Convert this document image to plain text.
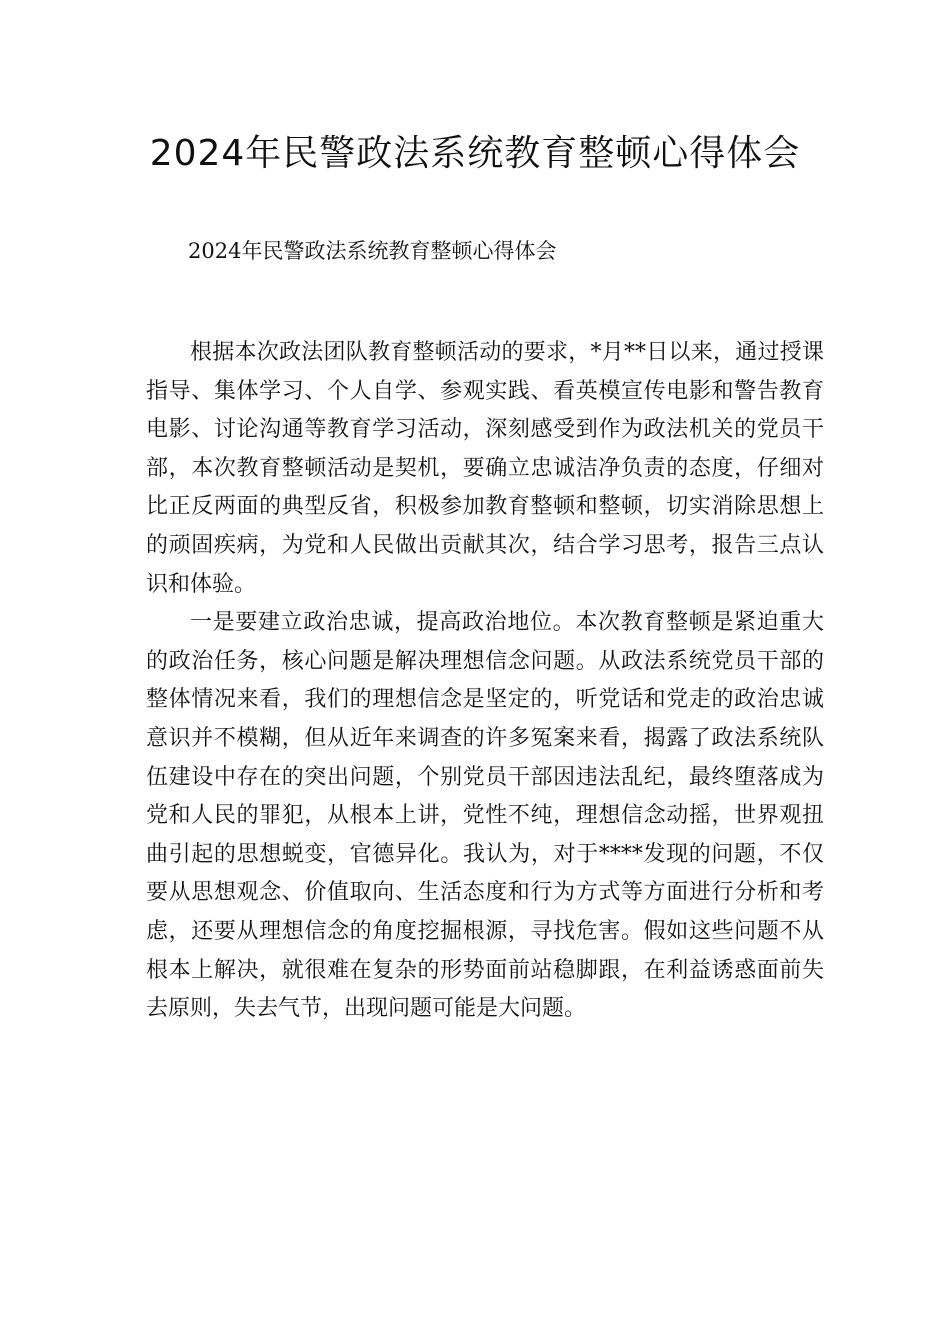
2024年民警政法系统教育整顿心得体会
2024年民警政法系统教育整顿心得体会

根据本次政法团队教育整顿活动的要求，*月**日以来，通过授课指导、集体学习、个人自学、参观实践、看英模宣传电影和警告教育电影、讨论沟通等教育学习活动，深刻感受到作为政法机关的党员干部，本次教育整顿活动是契机，要确立忠诚洁净负责的态度，仔细对比正反两面的典型反省，积极参加教育整顿和整顿，切实消除思想上的顽固疾病，为党和人民做出贡献其次，结合学习思考，报告三点认识和体验。

一是要建立政治忠诚，提高政治地位。本次教育整顿是紧迫重大的政治任务，核心问题是解决理想信念问题。从政法系统党员干部的整体情况来看，我们的理想信念是坚定的，听党话和党走的政治忠诚意识并不模糊，但从近年来调查的许多冤案来看，揭露了政法系统队伍建设中存在的突出问题，个别党员干部因违法乱纪，最终堕落成为党和人民的罪犯，从根本上讲，党性不纯，理想信念动摇，世界观扭曲引起的思想蜕变，官德异化。我认为，对于****发现的问题，不仅要从思想观念、价值取向、生活态度和行为方式等方面进行分析和考虑，还要从理想信念的角度挖掘根源，寻找危害。假如这些问题不从根本上解决，就很难在复杂的形势面前站稳脚跟，在利益诱惑面前失去原则，失去气节，出现问题可能是大问题。
